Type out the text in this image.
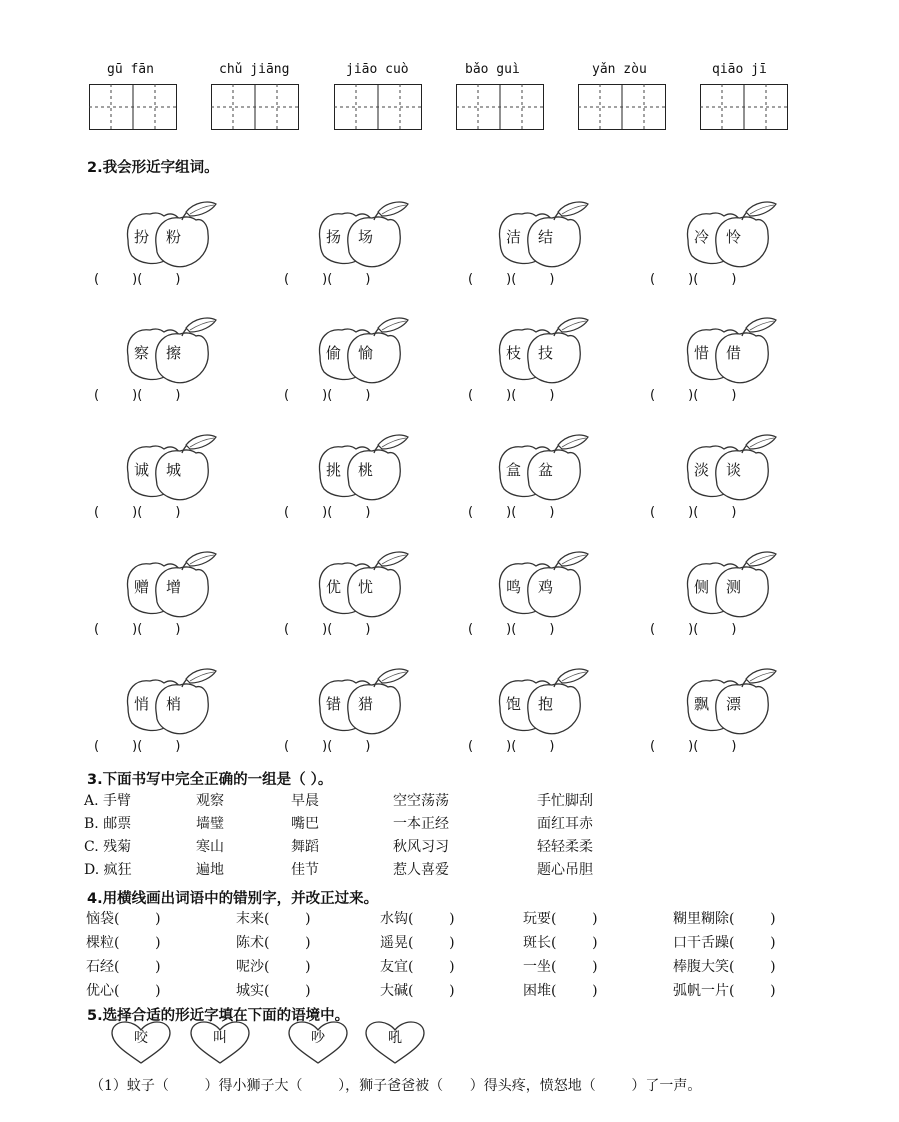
gū fān	chǔ jiāng	jiāo cuò	bǎo guì	yǎn zòu	qiāo jī
2.我会形近字组词。
扮 粉
(        )(        )
扬 场
(        )(        )
洁 结
(        )(        )
冷 怜
(        )(        )
察 擦
(        )(        )
偷 愉
(        )(        )
枝 技
(        )(        )
惜 借
(        )(        )
诚 城
(        )(        )
挑 桃
(        )(        )
盒 盆
(        )(        )
淡 谈
(        )(        )
赠 增
(        )(        )
优 忧
(        )(        )
鸣 鸡
(        )(        )
侧 测
(        )(        )
悄 梢
(        )(        )
错 猎
(        )(        )
饱 抱
(        )(        )
飘 漂
(        )(        )
3.下面书写中完全正确的一组是（ ）。
A. 手臂	观察	早晨	空空荡荡	手忙脚刮
B. 邮票	墙璧	嘴巴	一本正经	面红耳赤
C. 残菊	寒山	舞蹈	秋风习习	轻轻柔柔
D. 疯狂	遍地	佳节	惹人喜爱	题心吊胆
4.用横线画出词语中的错别字，并改正过来。
恼袋(        )	末来(        )	水钩(        )	玩要(        )	糊里糊除(        )
棵粒(        )	陈术(        )	遥晃(        )	斑长(        )	口干舌躁(        )
石经(        )	呢沙(        )	友宜(        )	一坐(        )	棒腹大笑(        )
优心(        )	城实(        )	大碱(        )	困堆(        )	弧帆一片(        )
5.选择合适的形近字填在下面的语境中。
咬	叫	吵	吼
（1）蚊子（        ）得小狮子大（        ），狮子爸爸被（      ）得头疼，愤怒地（        ）了一声。
